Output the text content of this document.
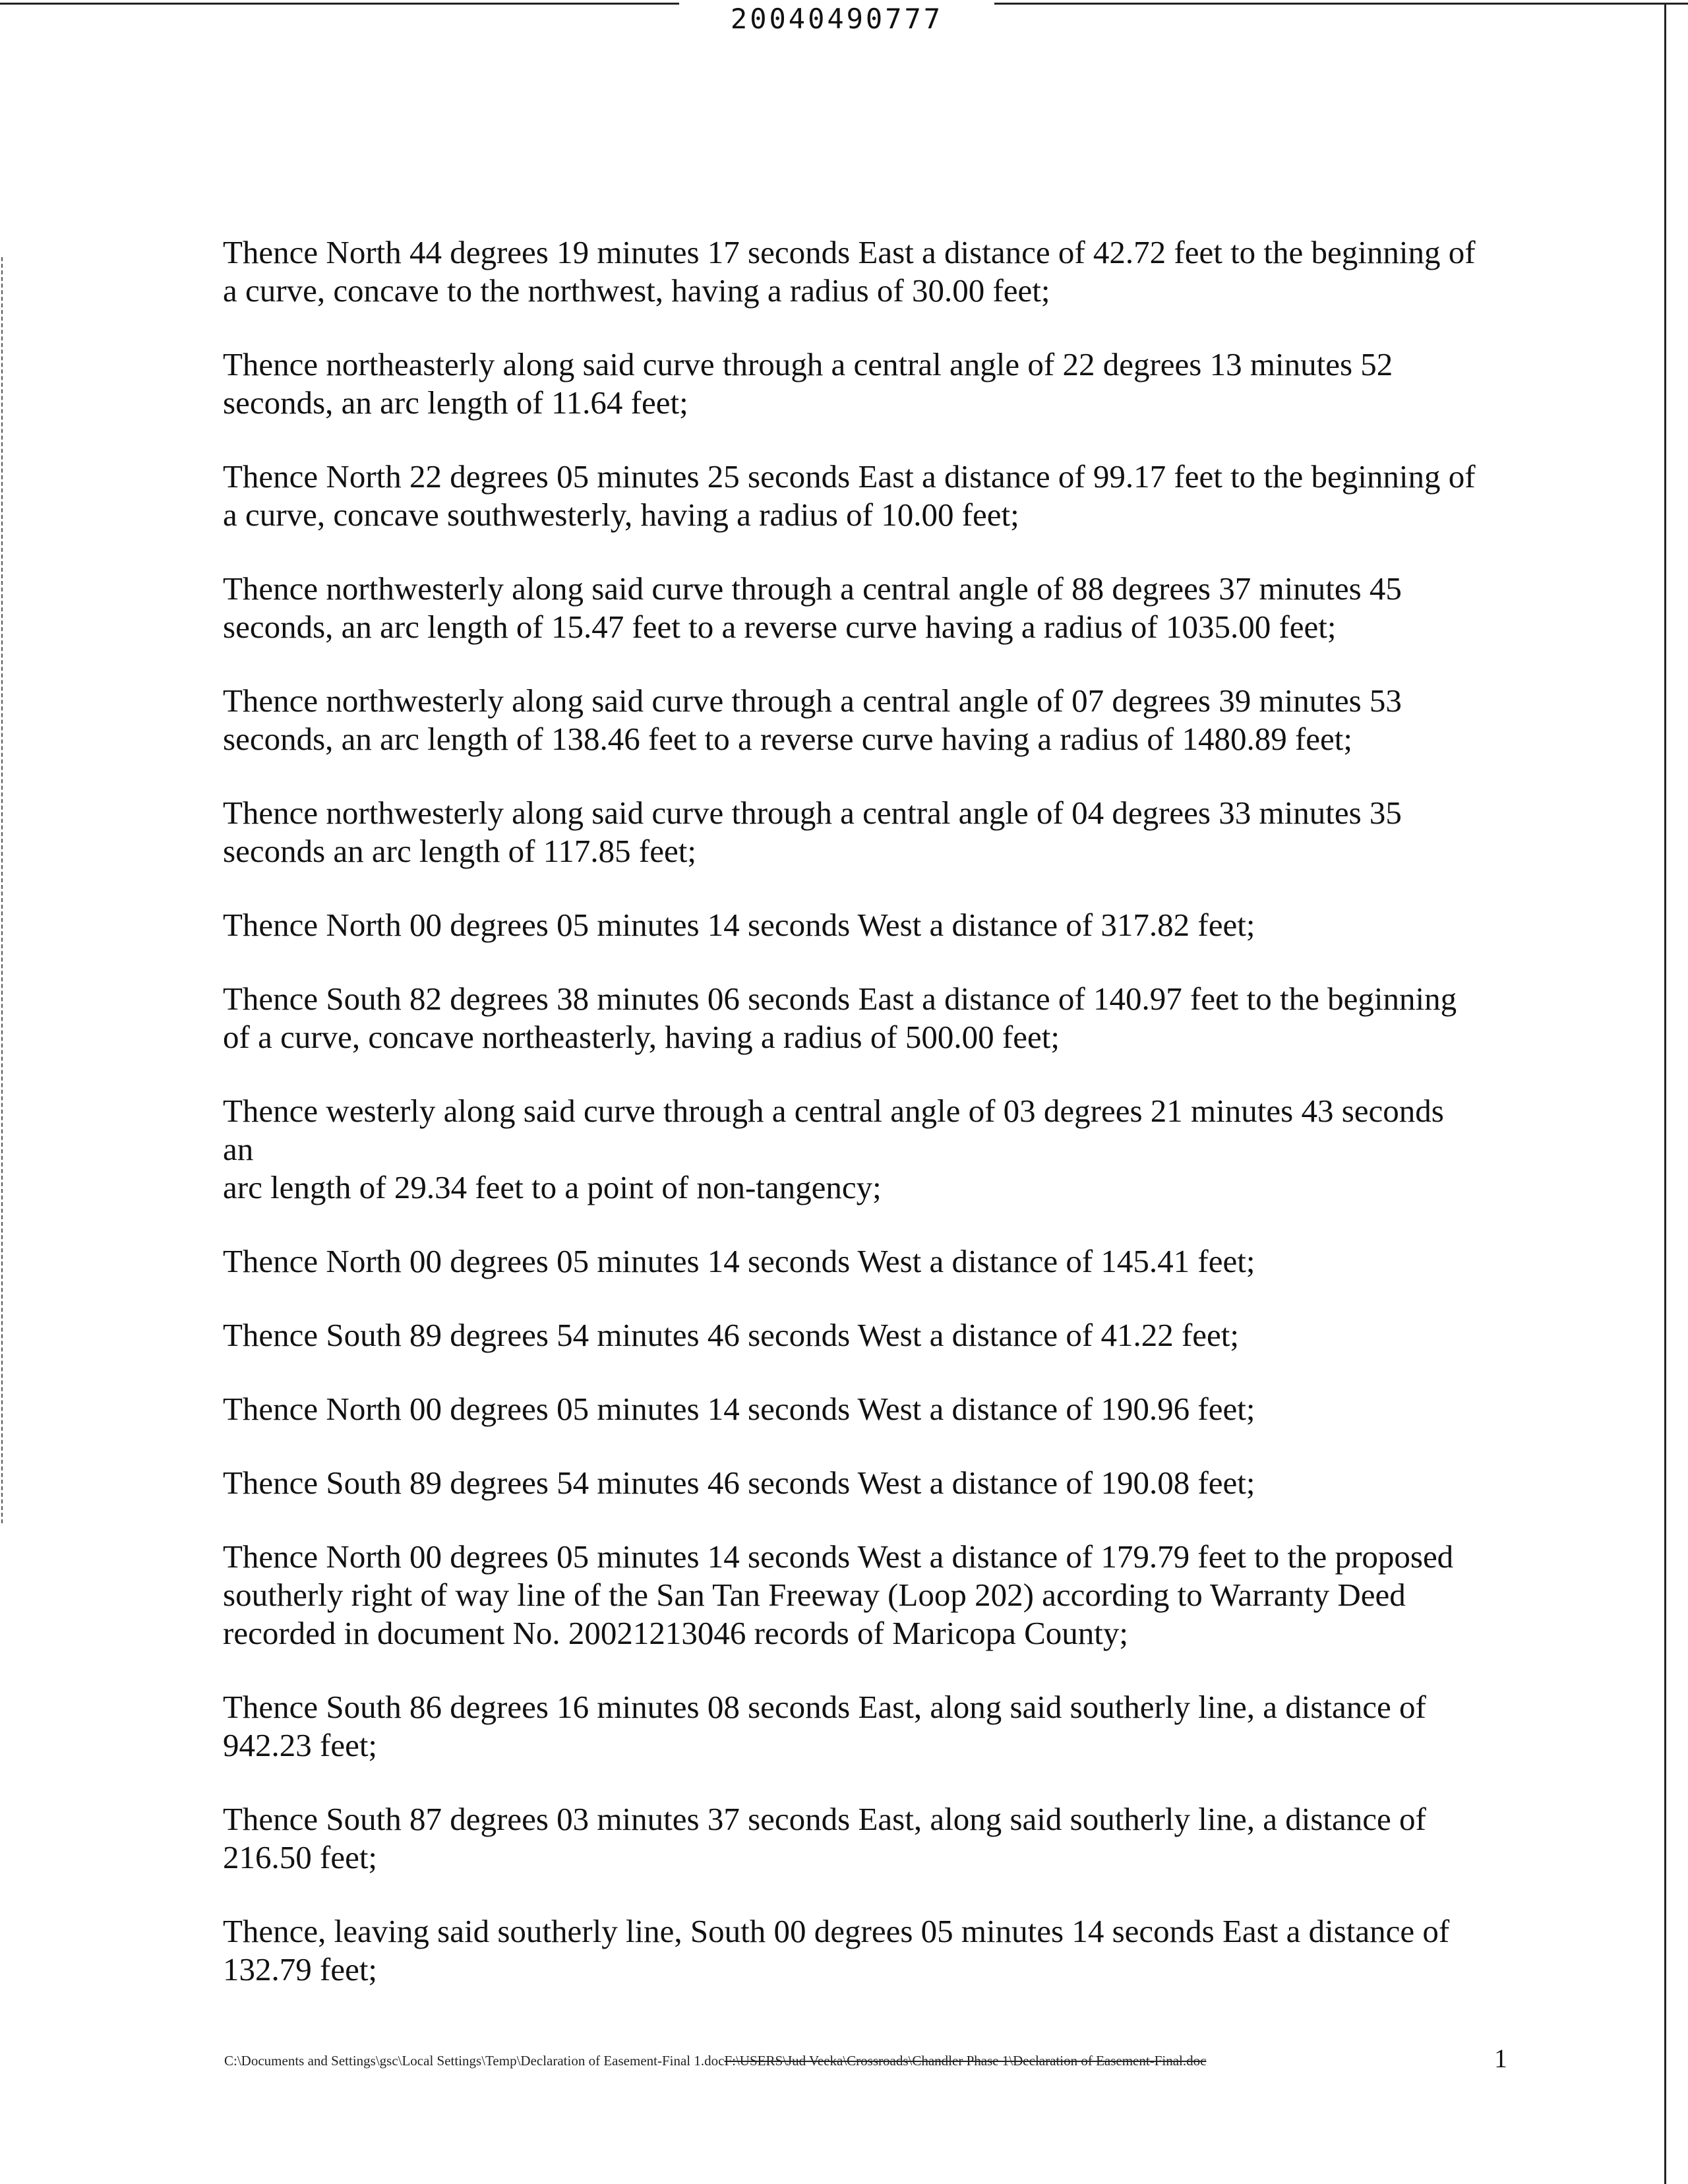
20040490777

Thence North 44 degrees 19 minutes 17 seconds East a distance of 42.72 feet to the beginning of
a curve, concave to the northwest, having a radius of 30.00 feet;

Thence northeasterly along said curve through a central angle of 22 degrees 13 minutes 52
seconds, an arc length of 11.64 feet;

Thence North 22 degrees 05 minutes 25 seconds East a distance of 99.17 feet to the beginning of
a curve, concave southwesterly, having a radius of 10.00 feet;

Thence northwesterly along said curve through a central angle of 88 degrees 37 minutes 45
seconds, an arc length of 15.47 feet to a reverse curve having a radius of 1035.00 feet;

Thence northwesterly along said curve through a central angle of 07 degrees 39 minutes 53
seconds, an arc length of 138.46 feet to a reverse curve having a radius of 1480.89 feet;

Thence northwesterly along said curve through a central angle of 04 degrees 33 minutes 35
seconds an arc length of 117.85 feet;

Thence North 00 degrees 05 minutes 14 seconds West a distance of 317.82 feet;

Thence South 82 degrees 38 minutes 06 seconds East a distance of 140.97 feet to the beginning
of a curve, concave northeasterly, having a radius of 500.00 feet;

Thence westerly along said curve through a central angle of 03 degrees 21 minutes 43 seconds an
arc length of 29.34 feet to a point of non-tangency;

Thence North 00 degrees 05 minutes 14 seconds West a distance of 145.41 feet;

Thence South 89 degrees 54 minutes 46 seconds West a distance of 41.22 feet;

Thence North 00 degrees 05 minutes 14 seconds West a distance of 190.96 feet;

Thence South 89 degrees 54 minutes 46 seconds West a distance of 190.08 feet;

Thence North 00 degrees 05 minutes 14 seconds West a distance of 179.79 feet to the proposed
southerly right of way line of the San Tan Freeway (Loop 202) according to Warranty Deed
recorded in document No. 20021213046 records of Maricopa County;

Thence South 86 degrees 16 minutes 08 seconds East, along said southerly line, a distance of
942.23 feet;

Thence South 87 degrees 03 minutes 37 seconds East, along said southerly line, a distance of
216.50 feet;

Thence, leaving said southerly line, South 00 degrees 05 minutes 14 seconds East a distance of
132.79 feet;

C:\Documents and Settings\gsc\Local Settings\Temp\Declaration of Easement-Final 1.docF:\USERS\Jud Veeka\Crossroads\Chandler Phase 1\Declaration of Easement-Final.doc	1
